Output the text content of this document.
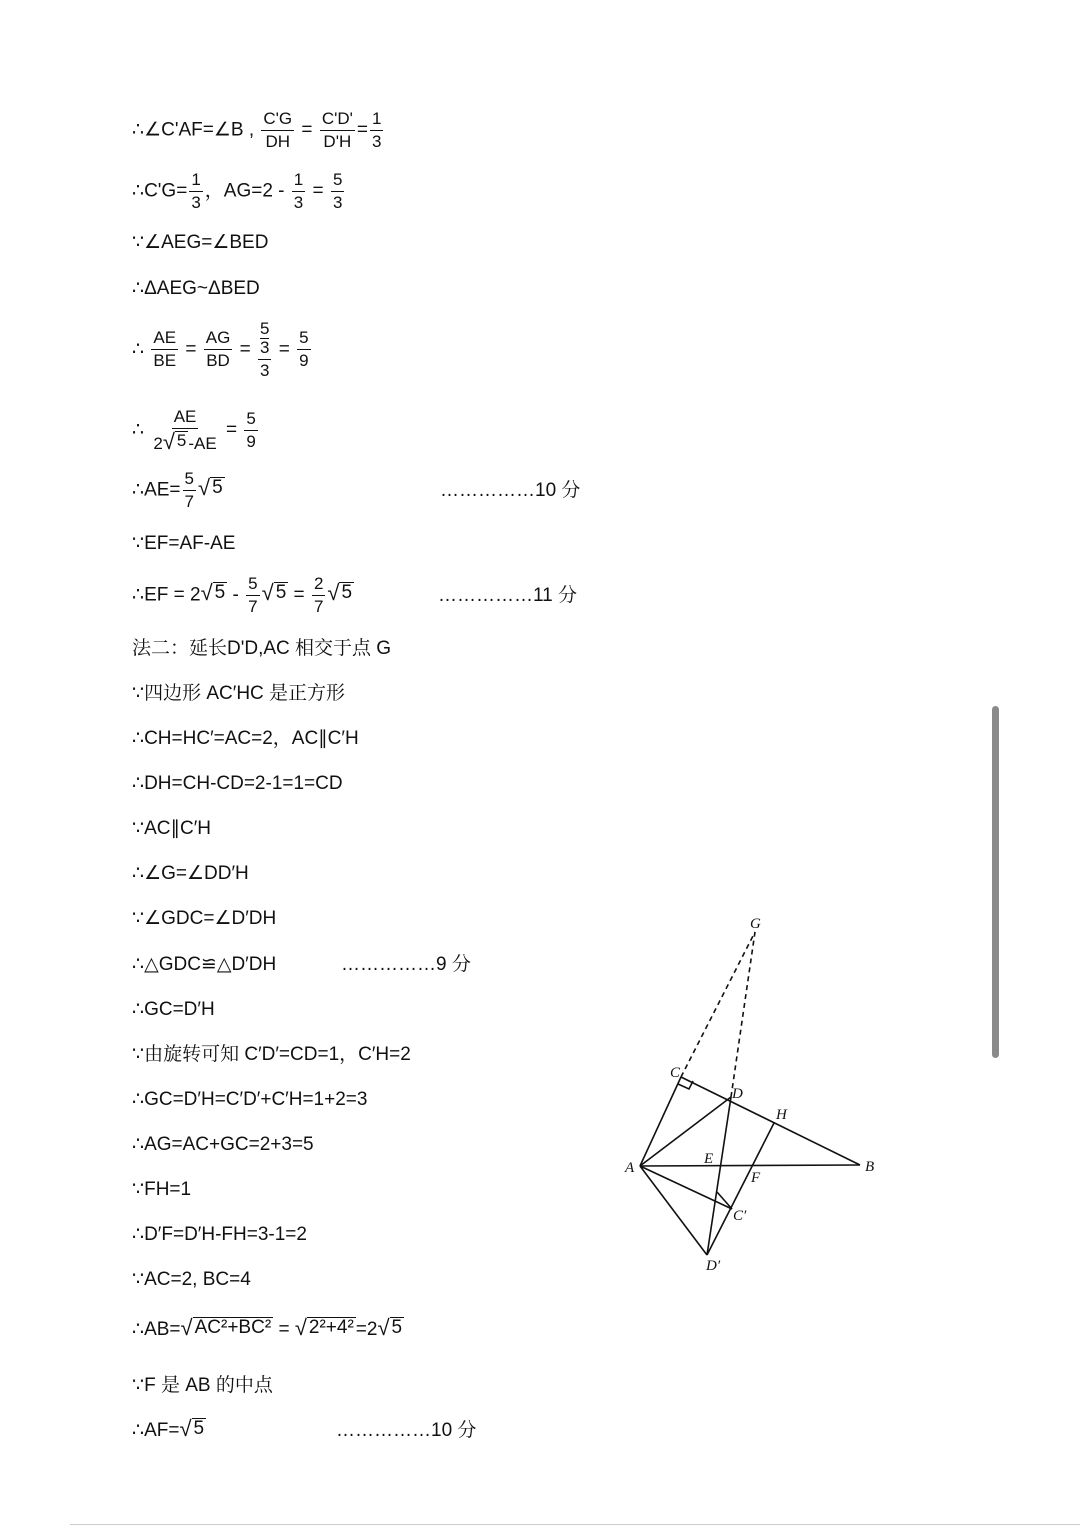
∴∠C'AF=∠B , $\frac{C'G}{DH} = \frac{C'D'}{D'H} = \frac{1}{3}$
∴C'G= $\frac{1}{3}$ ，$AG=2 - \frac{1}{3} = \frac{5}{3}$
∵∠AEG=∠BED
∴ΔAEG~ΔBED
∴ $\frac{AE}{BE} = \frac{AG}{BD} = 5$
3
$3 = \frac{5}{9}$
∴ $\frac{AE}{2 √ 5 -AE} = \frac{5}{9}$
∴AE= $\frac{5}{7}$ √ 5	……………10 分
∵EF=AF-AE
∴EF = 2 √ $5 - \frac{5}{7}$ √ $5 = \frac{2}{7}$ √ 5	……………11 分
法二：延长D'D,AC 相交于点 G
∵四边形 AC′HC 是正方形
∴CH=HC′=AC=2，AC∥C′H
∴DH=CH-CD=2-1=1=CD
∵AC∥C′H
∴∠G=∠DD′H
∵∠GDC=∠D′DH
∴△GDC≌△D′DH	……………9 分
∴GC=D′H
∵由旋转可知 C′D′=CD=1，C′H=2
∴GC=D′H=C′D′+C′H=1+2=3
∴AG=AC+GC=2+3=5
∵FH=1
∴D′F=D′H-FH=3-1=2
∵AC=2, BC=4
∴AB= √ AC²+BC² = √ 2²+4² =2 √ 5
∵F 是 AB 的中点
∴AF= √ 5	……………10 分
G
C
D
H
A
E
F
B
C′
D′
